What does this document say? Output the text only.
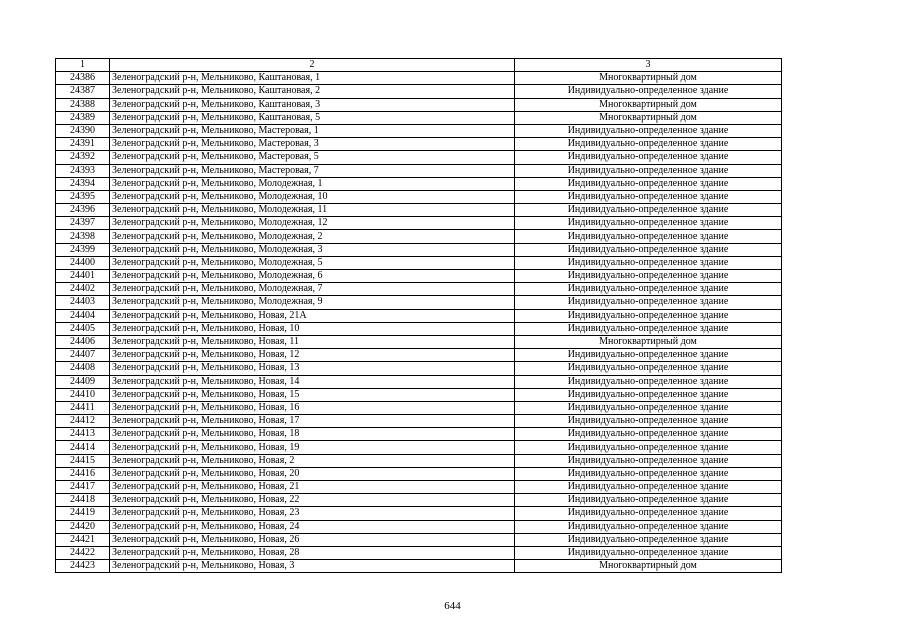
1	2	3
24386	Зеленоградский р-н, Мельниково, Каштановая, 1	Многоквартирный дом
24387	Зеленоградский р-н, Мельниково, Каштановая, 2	Индивидуально-определенное здание
24388	Зеленоградский р-н, Мельниково, Каштановая, 3	Многоквартирный дом
24389	Зеленоградский р-н, Мельниково, Каштановая, 5	Многоквартирный дом
24390	Зеленоградский р-н, Мельниково, Мастеровая, 1	Индивидуально-определенное здание
24391	Зеленоградский р-н, Мельниково, Мастеровая, 3	Индивидуально-определенное здание
24392	Зеленоградский р-н, Мельниково, Мастеровая, 5	Индивидуально-определенное здание
24393	Зеленоградский р-н, Мельниково, Мастеровая, 7	Индивидуально-определенное здание
24394	Зеленоградский р-н, Мельниково, Молодежная, 1	Индивидуально-определенное здание
24395	Зеленоградский р-н, Мельниково, Молодежная, 10	Индивидуально-определенное здание
24396	Зеленоградский р-н, Мельниково, Молодежная, 11	Индивидуально-определенное здание
24397	Зеленоградский р-н, Мельниково, Молодежная, 12	Индивидуально-определенное здание
24398	Зеленоградский р-н, Мельниково, Молодежная, 2	Индивидуально-определенное здание
24399	Зеленоградский р-н, Мельниково, Молодежная, 3	Индивидуально-определенное здание
24400	Зеленоградский р-н, Мельниково, Молодежная, 5	Индивидуально-определенное здание
24401	Зеленоградский р-н, Мельниково, Молодежная, 6	Индивидуально-определенное здание
24402	Зеленоградский р-н, Мельниково, Молодежная, 7	Индивидуально-определенное здание
24403	Зеленоградский р-н, Мельниково, Молодежная, 9	Индивидуально-определенное здание
24404	Зеленоградский р-н, Мельниково, Новая, 21А	Индивидуально-определенное здание
24405	Зеленоградский р-н, Мельниково, Новая, 10	Индивидуально-определенное здание
24406	Зеленоградский р-н, Мельниково, Новая, 11	Многоквартирный дом
24407	Зеленоградский р-н, Мельниково, Новая, 12	Индивидуально-определенное здание
24408	Зеленоградский р-н, Мельниково, Новая, 13	Индивидуально-определенное здание
24409	Зеленоградский р-н, Мельниково, Новая, 14	Индивидуально-определенное здание
24410	Зеленоградский р-н, Мельниково, Новая, 15	Индивидуально-определенное здание
24411	Зеленоградский р-н, Мельниково, Новая, 16	Индивидуально-определенное здание
24412	Зеленоградский р-н, Мельниково, Новая, 17	Индивидуально-определенное здание
24413	Зеленоградский р-н, Мельниково, Новая, 18	Индивидуально-определенное здание
24414	Зеленоградский р-н, Мельниково, Новая, 19	Индивидуально-определенное здание
24415	Зеленоградский р-н, Мельниково, Новая, 2	Индивидуально-определенное здание
24416	Зеленоградский р-н, Мельниково, Новая, 20	Индивидуально-определенное здание
24417	Зеленоградский р-н, Мельниково, Новая, 21	Индивидуально-определенное здание
24418	Зеленоградский р-н, Мельниково, Новая, 22	Индивидуально-определенное здание
24419	Зеленоградский р-н, Мельниково, Новая, 23	Индивидуально-определенное здание
24420	Зеленоградский р-н, Мельниково, Новая, 24	Индивидуально-определенное здание
24421	Зеленоградский р-н, Мельниково, Новая, 26	Индивидуально-определенное здание
24422	Зеленоградский р-н, Мельниково, Новая, 28	Индивидуально-определенное здание
24423	Зеленоградский р-н, Мельниково, Новая, 3	Многоквартирный дом
644
